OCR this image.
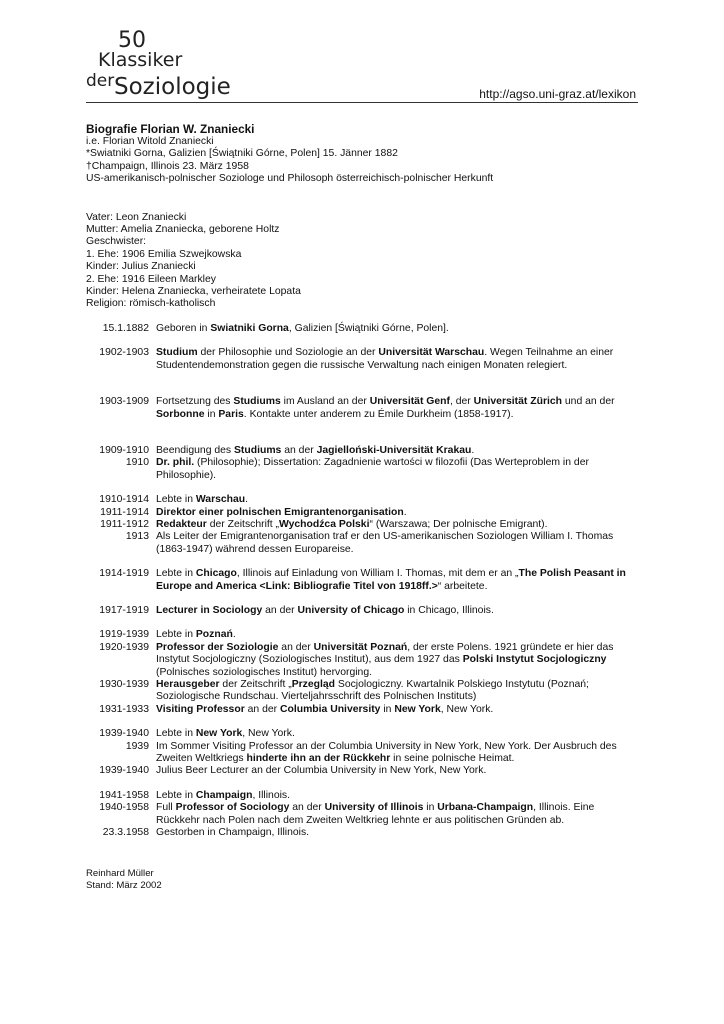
50
Klassiker
der Soziologie	http://agso.uni-graz.at/lexikon
Biografie Florian W. Znaniecki
i.e. Florian Witold Znaniecki
*Swiatniki Gorna, Galizien [Świątniki Górne, Polen] 15. Jänner 1882
†Champaign, Illinois 23. März 1958
US-amerikanisch-polnischer Soziologe und Philosoph österreichisch-polnischer Herkunft
Vater: Leon Znaniecki
Mutter: Amelia Znaniecka, geborene Holtz
Geschwister:
1. Ehe: 1906 Emilia Szwejkowska
Kinder: Julius Znaniecki
2. Ehe: 1916 Eileen Markley
Kinder: Helena Znaniecka, verheiratete Lopata
Religion: römisch-katholisch
15.1.1882 Geboren in Swiatniki Gorna, Galizien [Świątniki Górne, Polen].
1902-1903 Studium der Philosophie und Soziologie an der Universität Warschau. Wegen Teilnahme an einer Studentendemonstration gegen die russische Verwaltung nach einigen Monaten relegiert.
1903-1909 Fortsetzung des Studiums im Ausland an der Universität Genf, der Universität Zürich und an der Sorbonne in Paris. Kontakte unter anderem zu Émile Durkheim (1858-1917).
1909-1910 Beendigung des Studiums an der Jagielloński-Universität Krakau.
1910 Dr. phil. (Philosophie); Dissertation: Zagadnienie wartości w filozofii (Das Werteproblem in der Philosophie).
1910-1914 Lebte in Warschau.
1911-1914 Direktor einer polnischen Emigrantenorganisation.
1911-1912 Redakteur der Zeitschrift „Wychodźca Polski“ (Warszawa; Der polnische Emigrant).
1913 Als Leiter der Emigrantenorganisation traf er den US-amerikanischen Soziologen William I. Thomas (1863-1947) während dessen Europareise.
1914-1919 Lebte in Chicago, Illinois auf Einladung von William I. Thomas, mit dem er an „The Polish Peasant in Europe and America <Link: Bibliografie Titel von 1918ff.>“ arbeitete.
1917-1919 Lecturer in Sociology an der University of Chicago in Chicago, Illinois.
1919-1939 Lebte in Poznań.
1920-1939 Professor der Soziologie an der Universität Poznań, der erste Polens. 1921 gründete er hier das Instytut Socjologiczny (Soziologisches Institut), aus dem 1927 das Polski Instytut Socjologiczny (Polnisches soziologisches Institut) hervorging.
1930-1939 Herausgeber der Zeitschrift „Przegląd Socjologiczny. Kwartalnik Polskiego Instytutu (Poznań; Soziologische Rundschau. Vierteljahrsschrift des Polnischen Instituts)
1931-1933 Visiting Professor an der Columbia University in New York, New York.
1939-1940 Lebte in New York, New York.
1939 Im Sommer Visiting Professor an der Columbia University in New York, New York. Der Ausbruch des Zweiten Weltkriegs hinderte ihn an der Rückkehr in seine polnische Heimat.
1939-1940 Julius Beer Lecturer an der Columbia University in New York, New York.
1941-1958 Lebte in Champaign, Illinois.
1940-1958 Full Professor of Sociology an der University of Illinois in Urbana-Champaign, Illinois. Eine Rückkehr nach Polen nach dem Zweiten Weltkrieg lehnte er aus politischen Gründen ab.
23.3.1958 Gestorben in Champaign, Illinois.
Reinhard Müller
Stand: März 2002
